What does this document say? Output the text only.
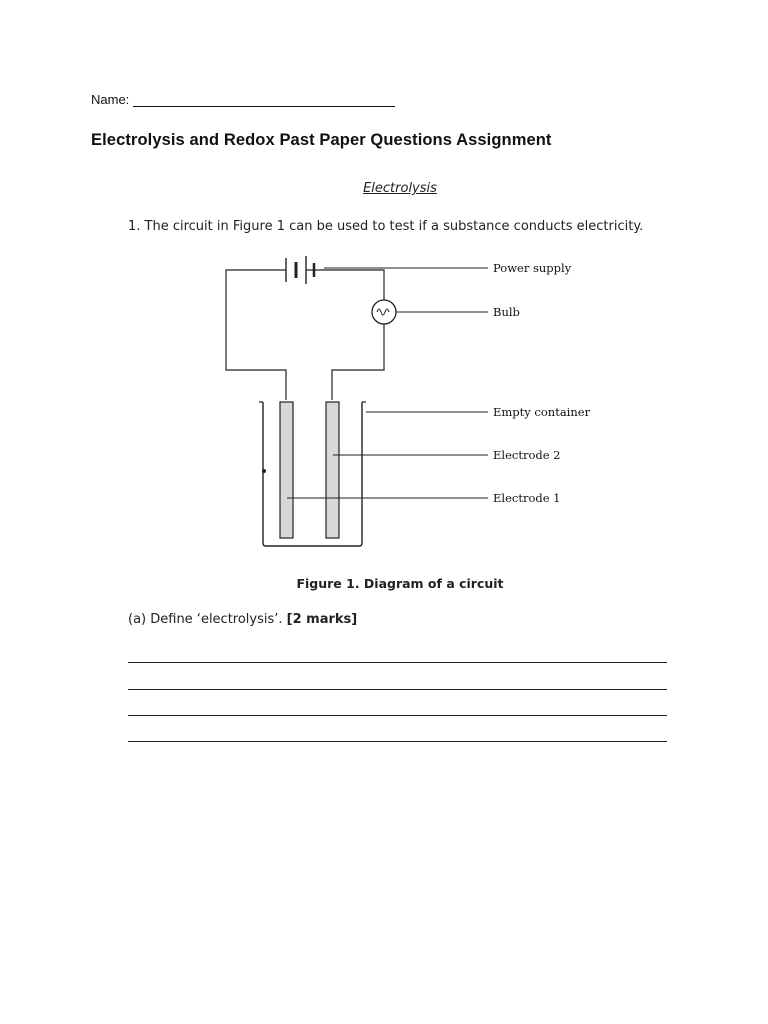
Name:
Electrolysis and Redox Past Paper Questions Assignment
Electrolysis
1. The circuit in Figure 1 can be used to test if a substance conducts electricity.
Power supply
Bulb
Empty container
Electrode 2
Electrode 1
Figure 1. Diagram of a circuit
(a) Define ‘electrolysis’. [2 marks]
